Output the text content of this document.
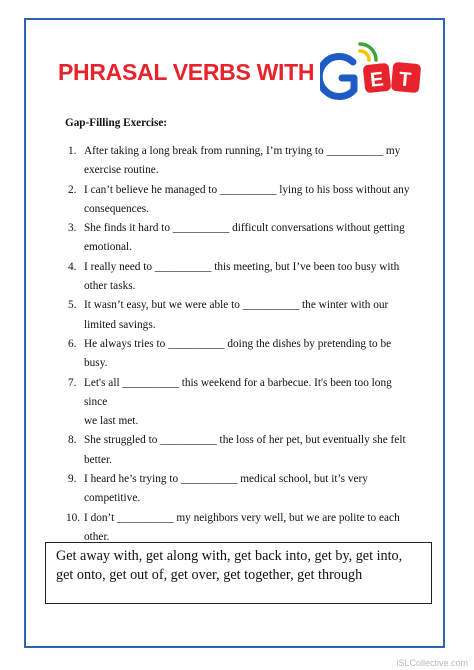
PHRASAL VERBS WITH	E T
Gap-Filling Exercise:
1. After taking a long break from running, I’m trying to __________ my
exercise routine.
2. I can’t believe he managed to __________ lying to his boss without any
consequences.
3. She finds it hard to __________ difficult conversations without getting
emotional.
4. I really need to __________ this meeting, but I’ve been too busy with
other tasks.
5. It wasn’t easy, but we were able to __________ the winter with our
limited savings.
6. He always tries to __________ doing the dishes by pretending to be busy.
7. Let's all __________ this weekend for a barbecue. It's been too long since
we last met.
8. She struggled to __________ the loss of her pet, but eventually she felt
better.
9. I heard he’s trying to __________ medical school, but it’s very
competitive.
10. I don’t __________ my neighbors very well, but we are polite to each
other.
Get away with, get along with, get back into, get by, get into,
get onto, get out of, get over, get together, get through
iSLCollective.com
